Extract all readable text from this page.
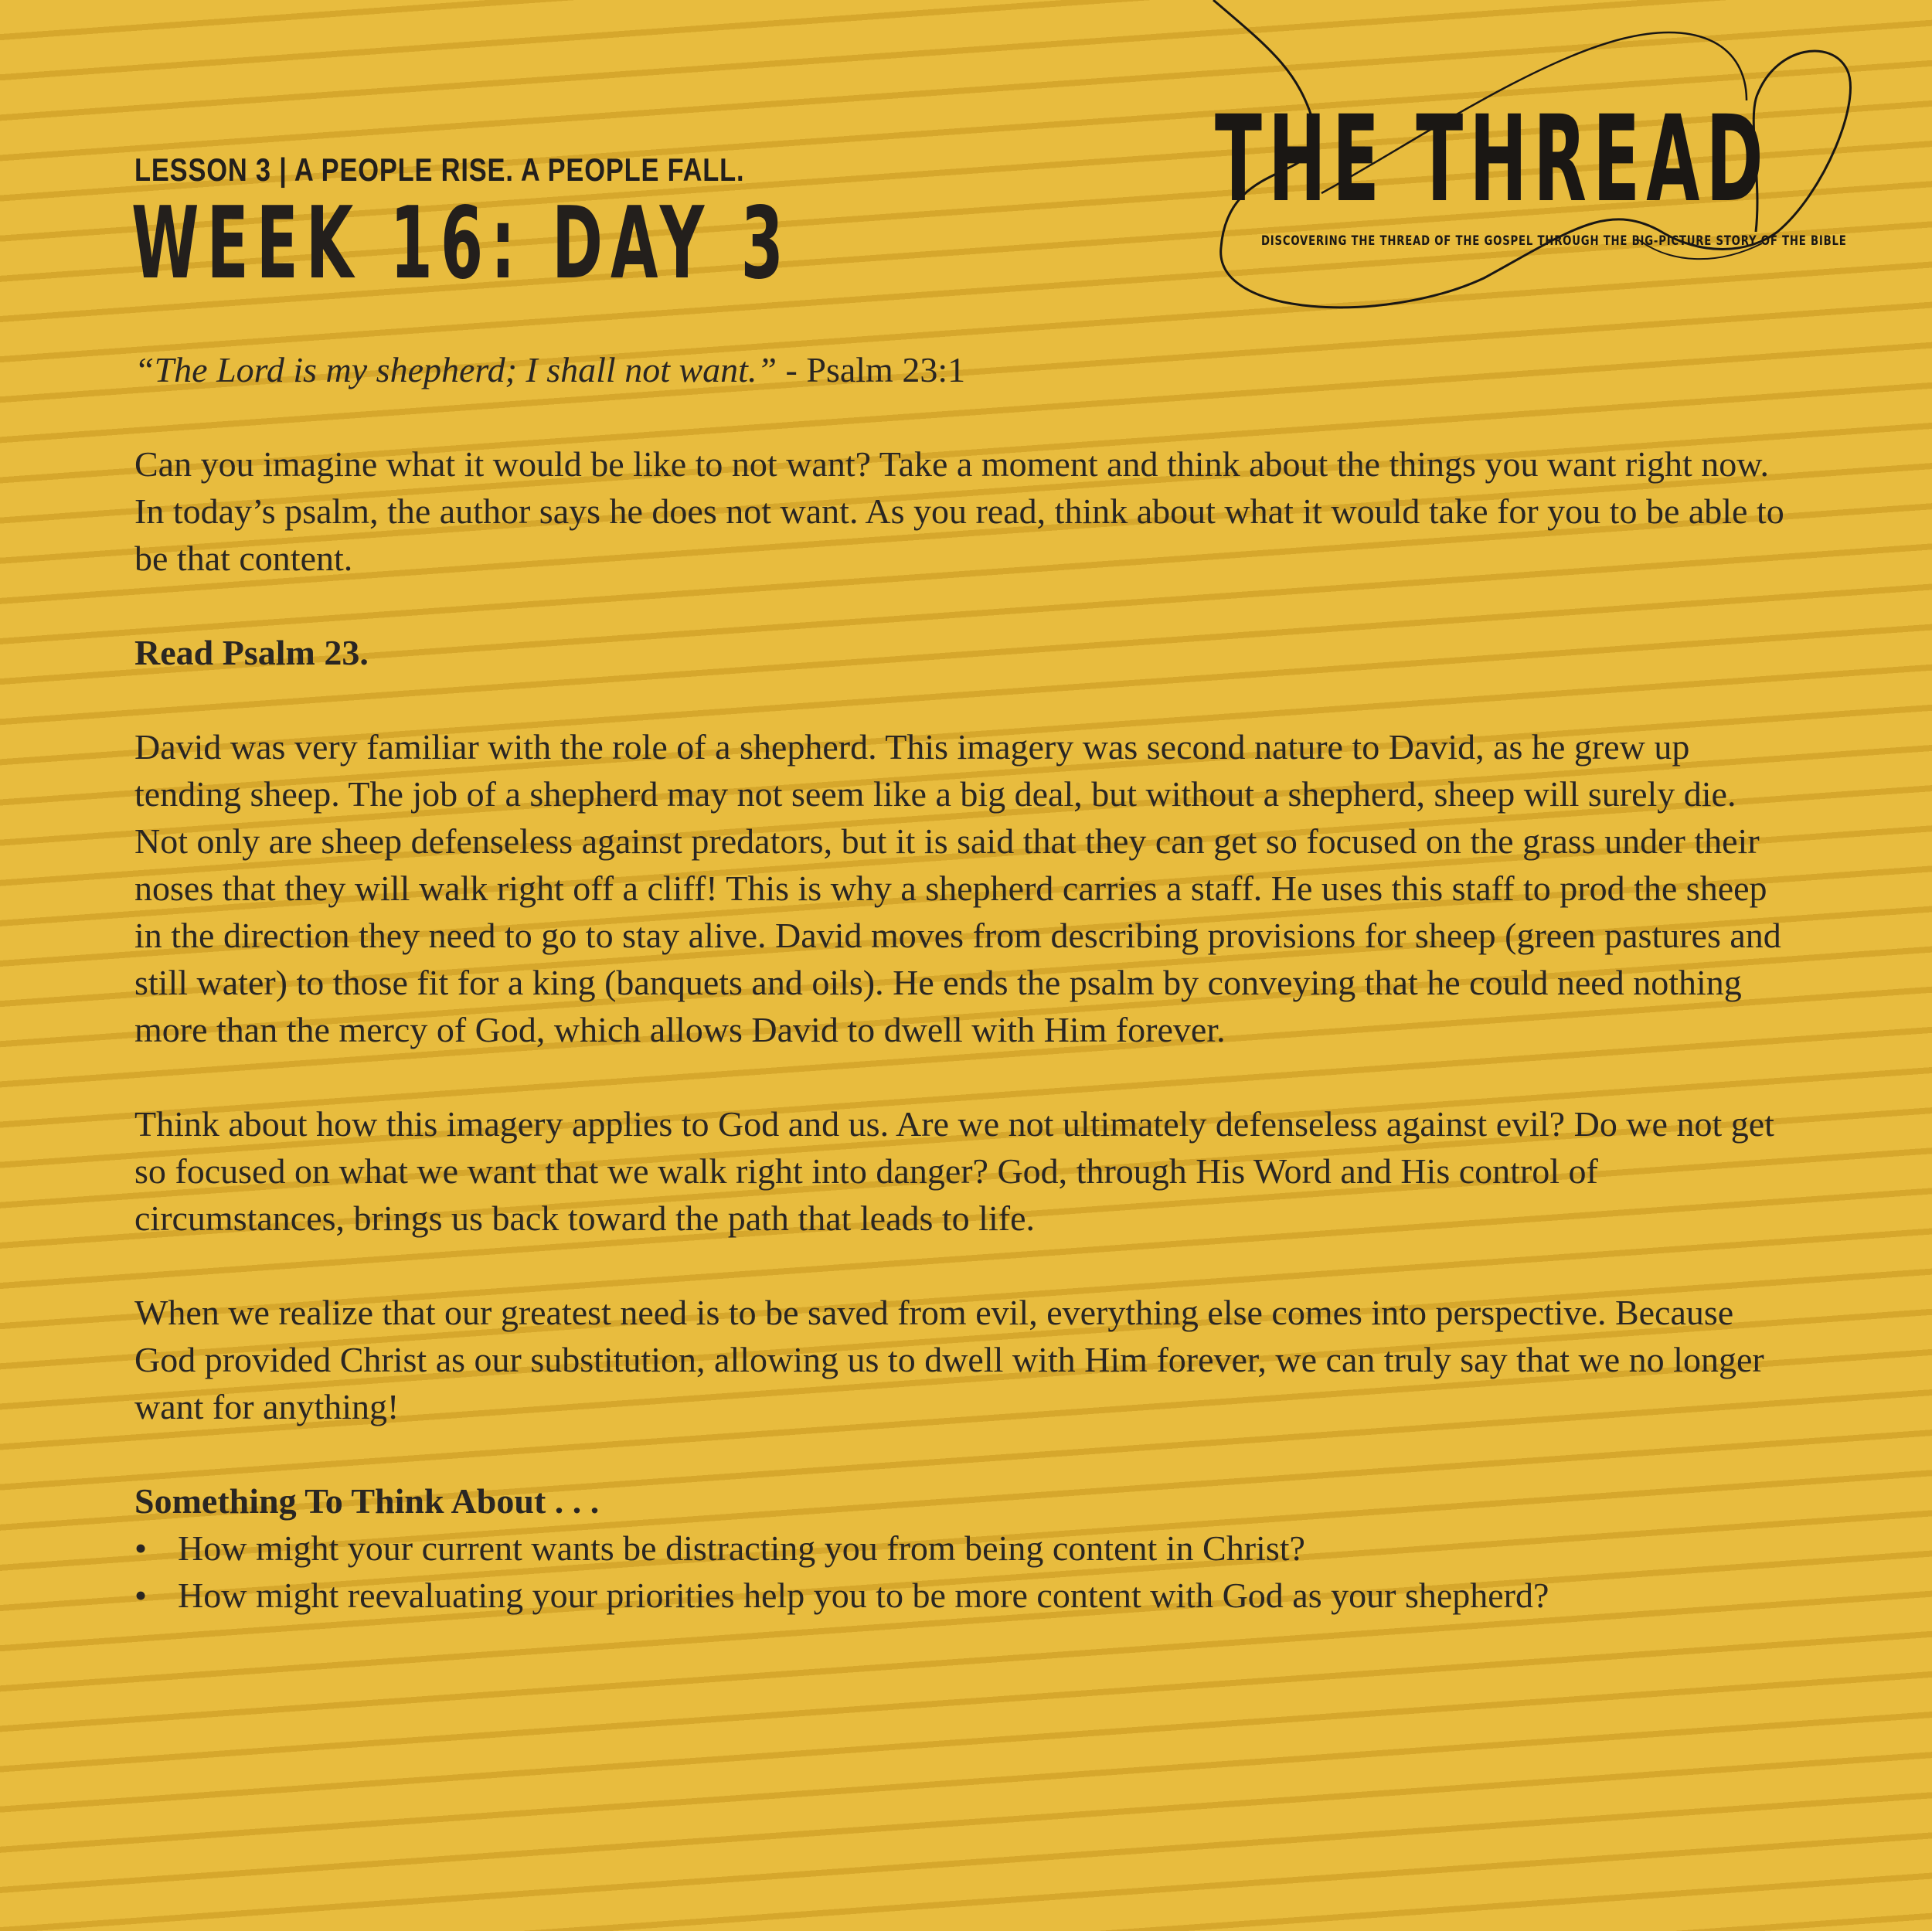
LESSON 3 | A PEOPLE RISE. A PEOPLE FALL.
WEEK 16: DAY 3
THE THREAD
DISCOVERING THE THREAD OF THE GOSPEL THROUGH THE BIG-PICTURE STORY OF THE BIBLE

“The Lord is my shepherd; I shall not want.” - Psalm 23:1

Can you imagine what it would be like to not want? Take a moment and think about the things you want right now. In today’s psalm, the author says he does not want. As you read, think about what it would take for you to be able to be that content.

Read Psalm 23.

David was very familiar with the role of a shepherd. This imagery was second nature to David, as he grew up tending sheep. The job of a shepherd may not seem like a big deal, but without a shepherd, sheep will surely die. Not only are sheep defenseless against predators, but it is said that they can get so focused on the grass under their noses that they will walk right off a cliff! This is why a shepherd carries a staff. He uses this staff to prod the sheep in the direction they need to go to stay alive. David moves from describing provisions for sheep (green pastures and still water) to those fit for a king (banquets and oils). He ends the psalm by conveying that he could need nothing more than the mercy of God, which allows David to dwell with Him forever.

Think about how this imagery applies to God and us. Are we not ultimately defenseless against evil? Do we not get so focused on what we want that we walk right into danger? God, through His Word and His control of circumstances, brings us back toward the path that leads to life.

When we realize that our greatest need is to be saved from evil, everything else comes into perspective. Because God provided Christ as our substitution, allowing us to dwell with Him forever, we can truly say that we no longer want for anything!

Something To Think About . . .

• How might your current wants be distracting you from being content in Christ?
• How might reevaluating your priorities help you to be more content with God as your shepherd?
